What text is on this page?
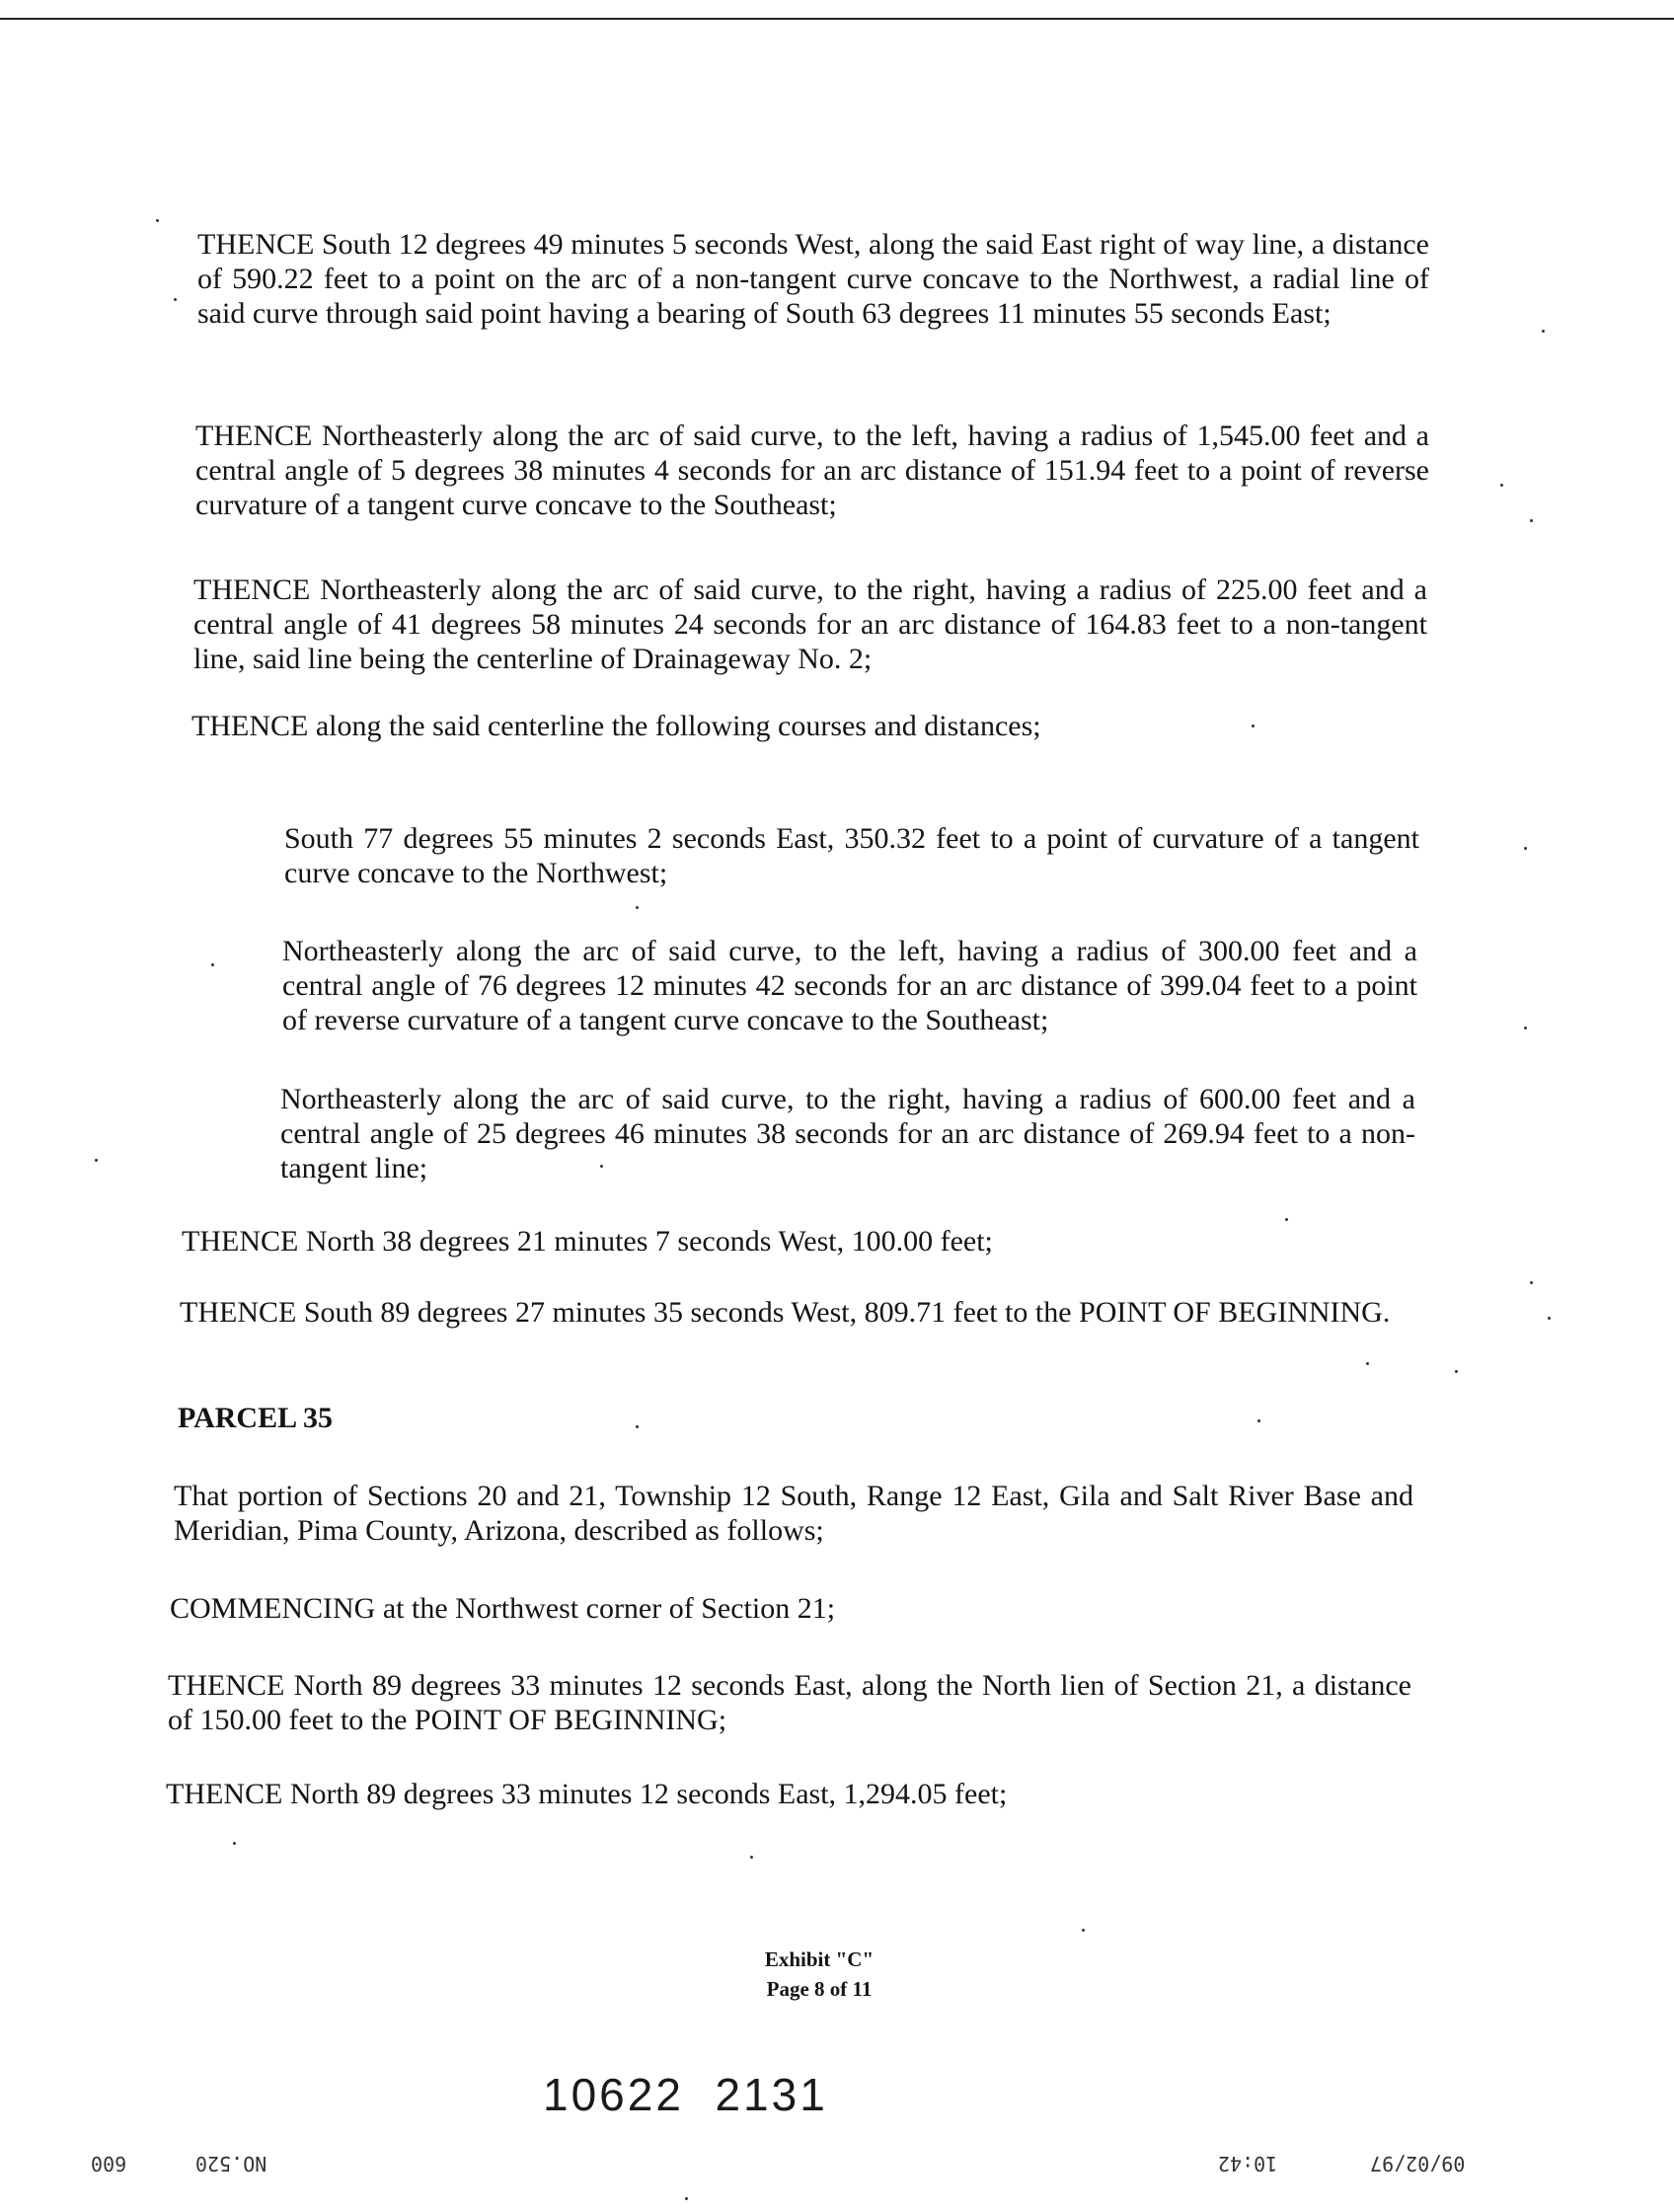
THENCE South 12 degrees 49 minutes 5 seconds West, along the said East right of way line, a distance of 590.22 feet to a point on the arc of a non-tangent curve concave to the Northwest, a radial line of said curve through said point having a bearing of South 63 degrees 11 minutes 55 seconds East;

THENCE Northeasterly along the arc of said curve, to the left, having a radius of 1,545.00 feet and a central angle of 5 degrees 38 minutes 4 seconds for an arc distance of 151.94 feet to a point of reverse curvature of a tangent curve concave to the Southeast;

THENCE Northeasterly along the arc of said curve, to the right, having a radius of 225.00 feet and a central angle of 41 degrees 58 minutes 24 seconds for an arc distance of 164.83 feet to a non-tangent line, said line being the centerline of Drainageway No. 2;

THENCE along the said centerline the following courses and distances;

South 77 degrees 55 minutes 2 seconds East, 350.32 feet to a point of curvature of a tangent curve concave to the Northwest;

Northeasterly along the arc of said curve, to the left, having a radius of 300.00 feet and a central angle of 76 degrees 12 minutes 42 seconds for an arc distance of 399.04 feet to a point of reverse curvature of a tangent curve concave to the Southeast;

Northeasterly along the arc of said curve, to the right, having a radius of 600.00 feet and a central angle of 25 degrees 46 minutes 38 seconds for an arc distance of 269.94 feet to a non-tangent line;

THENCE North 38 degrees 21 minutes 7 seconds West, 100.00 feet;

THENCE South 89 degrees 27 minutes 35 seconds West, 809.71 feet to the POINT OF BEGINNING.

PARCEL 35

That portion of Sections 20 and 21, Township 12 South, Range 12 East, Gila and Salt River Base and Meridian, Pima County, Arizona, described as follows;

COMMENCING at the Northwest corner of Section 21;

THENCE North 89 degrees 33 minutes 12 seconds East, along the North lien of Section 21, a distance of 150.00 feet to the POINT OF BEGINNING;

THENCE North 89 degrees 33 minutes 12 seconds East, 1,294.05 feet;

Exhibit "C"
Page 8 of 11
10622  2131
600	NO.520	10:42	09/02/97
